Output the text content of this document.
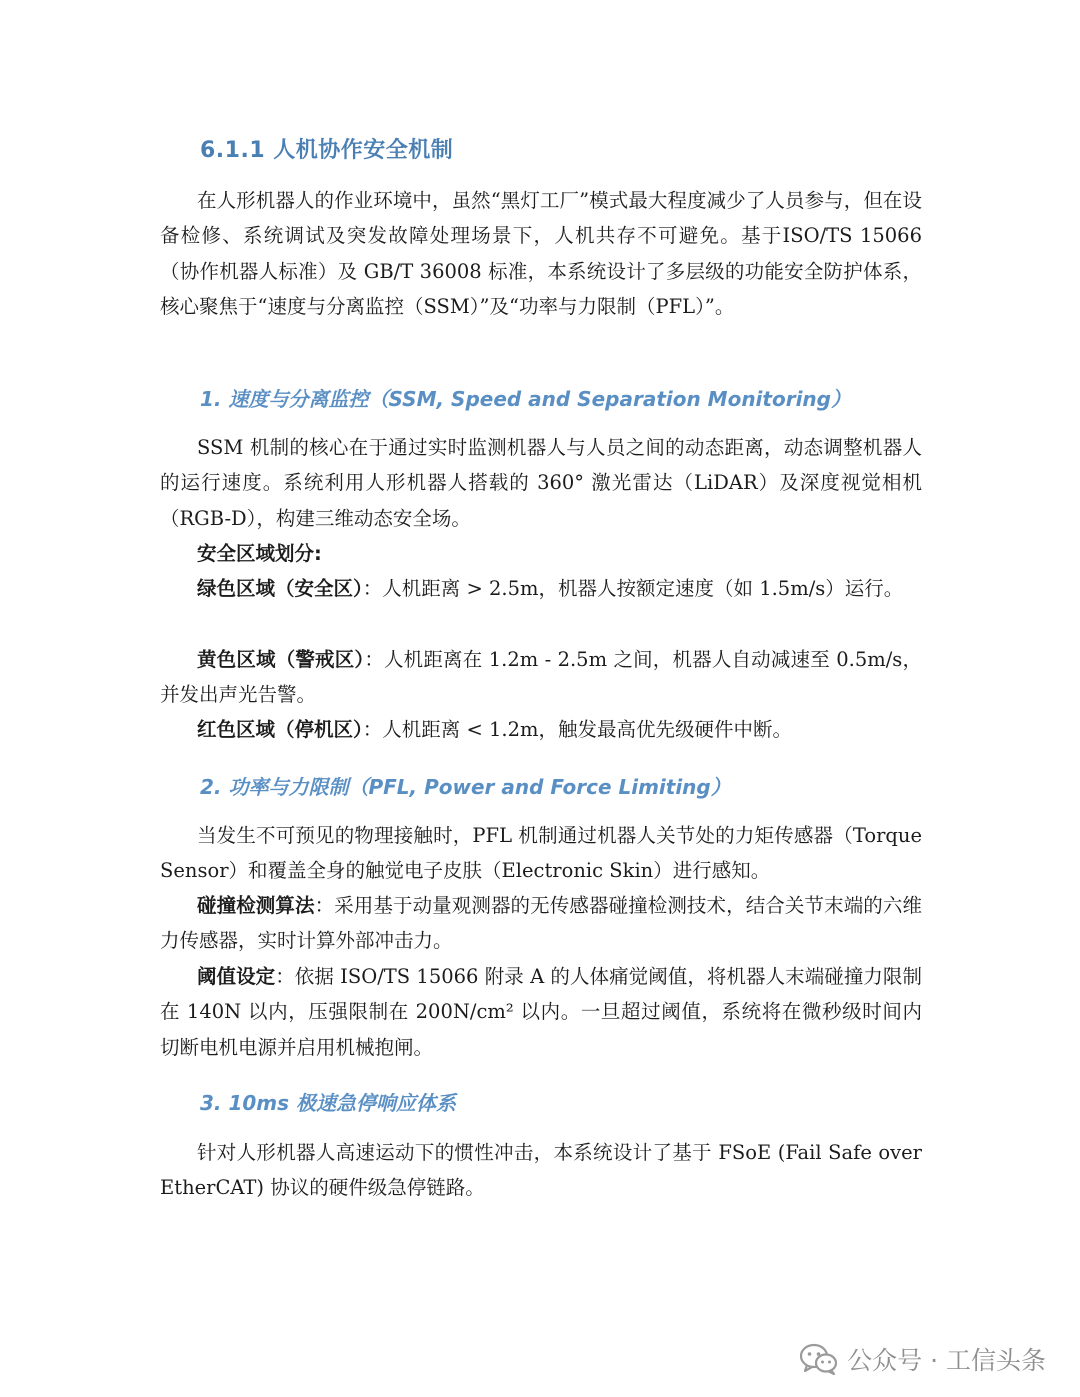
6.1.1 人机协作安全机制

在人形机器人的作业环境中，虽然“黑灯工厂”模式最大程度减少了人员参与，但在设备检修、系统调试及突发故障处理场景下，人机共存不可避免。基于ISO/TS 15066（协作机器人标准）及 GB/T 36008 标准，本系统设计了多层级的功能安全防护体系，核心聚焦于“速度与分离监控（SSM）”及“功率与力限制（PFL）”。

1. 速度与分离监控（SSM, Speed and Separation Monitoring）

SSM 机制的核心在于通过实时监测机器人与人员之间的动态距离，动态调整机器人的运行速度。系统利用人形机器人搭载的 360° 激光雷达（LiDAR）及深度视觉相机（RGB-D），构建三维动态安全场。

安全区域划分:

绿色区域（安全区）：人机距离 > 2.5m，机器人按额定速度（如 1.5m/s）运行。

黄色区域（警戒区）：人机距离在 1.2m - 2.5m 之间，机器人自动减速至 0.5m/s，并发出声光告警。

红色区域（停机区）：人机距离 < 1.2m，触发最高优先级硬件中断。

2. 功率与力限制（PFL, Power and Force Limiting）

当发生不可预见的物理接触时，PFL 机制通过机器人关节处的力矩传感器（Torque Sensor）和覆盖全身的触觉电子皮肤（Electronic Skin）进行感知。

碰撞检测算法：采用基于动量观测器的无传感器碰撞检测技术，结合关节末端的六维力传感器，实时计算外部冲击力。

阈值设定：依据 ISO/TS 15066 附录 A 的人体痛觉阈值，将机器人末端碰撞力限制在 140N 以内，压强限制在 200N/cm² 以内。一旦超过阈值，系统将在微秒级时间内切断电机电源并启用机械抱闸。

3. 10ms 极速急停响应体系

针对人形机器人高速运动下的惯性冲击，本系统设计了基于 FSoE (Fail Safe over EtherCAT) 协议的硬件级急停链路。

公众号 · 工信头条
